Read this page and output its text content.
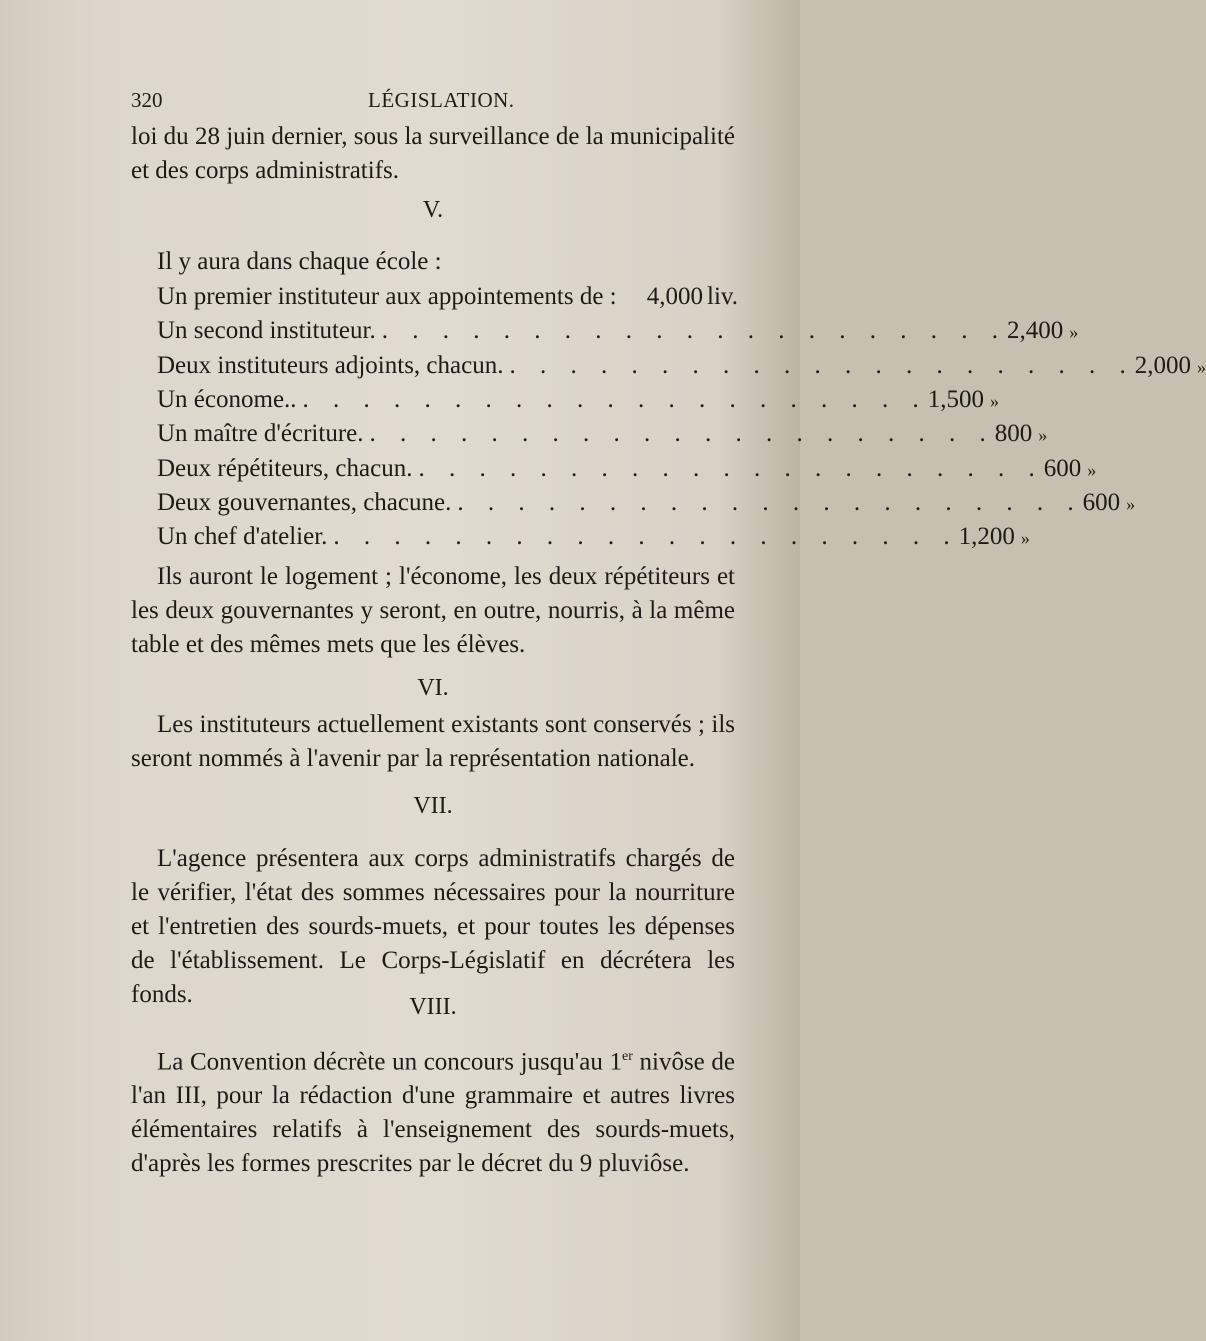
320	LÉGISLATION.
loi du 28 juin dernier, sous la surveillance de la municipalité et des corps administratifs.
V.
Il y aura dans chaque école :
Un premier instituteur aux appointements de :	4,000 liv.
Un second instituteur. . . . . . . . . . . . . . . . . . . . . . 2,400 »
Deux instituteurs adjoints, chacun. . . . . . . . . . . . . . . . . . . . . . 2,000 »
Un économe.. . . . . . . . . . . . . . . . . . . . . . 1,500 »
Un maître d'écriture. . . . . . . . . . . . . . . . . . . . . . 800 »
Deux répétiteurs, chacun. . . . . . . . . . . . . . . . . . . . . . 600 »
Deux gouvernantes, chacune. . . . . . . . . . . . . . . . . . . . . . 600 »
Un chef d'atelier. . . . . . . . . . . . . . . . . . . . . . 1,200 »
Ils auront le logement ; l'économe, les deux répétiteurs et les deux gouvernantes y seront, en outre, nourris, à la même table et des mêmes mets que les élèves.
VI.
Les instituteurs actuellement existants sont conservés ; ils seront nommés à l'avenir par la représentation nationale.
VII.
L'agence présentera aux corps administratifs chargés de le vérifier, l'état des sommes nécessaires pour la nourriture et l'entretien des sourds-muets, et pour toutes les dépenses de l'établissement. Le Corps-Législatif en décrétera les fonds.	VIII.
La Convention décrète un concours jusqu'au 1er nivôse de l'an III, pour la rédaction d'une grammaire et autres livres élémentaires relatifs à l'enseignement des sourds-muets, d'après les formes prescrites par le décret du 9 pluviôse.
